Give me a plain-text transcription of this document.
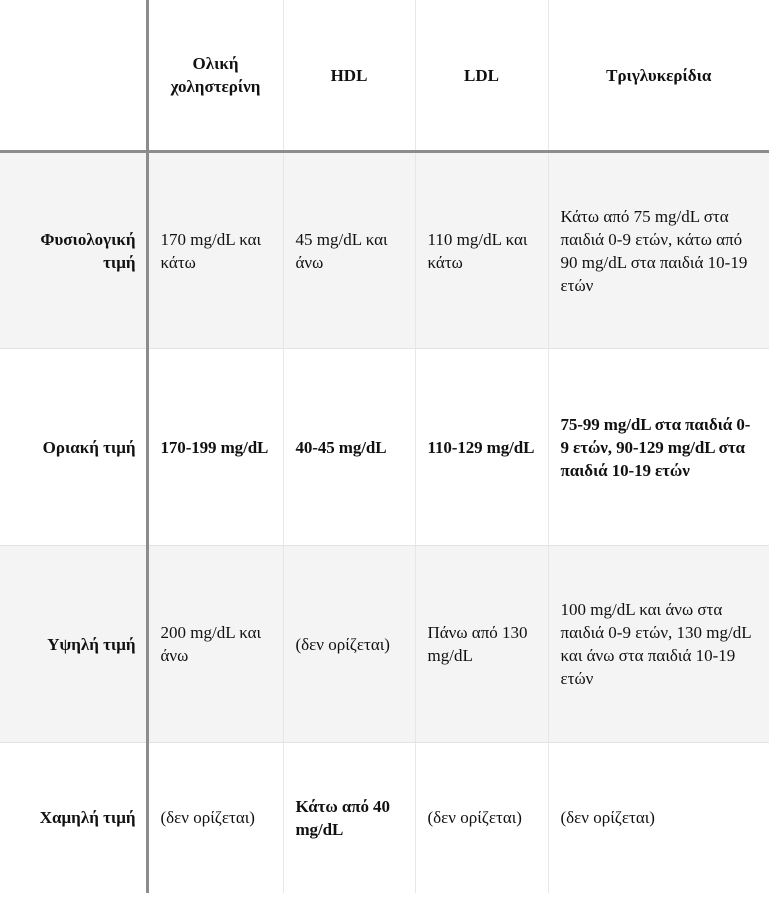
	Ολική χοληστερίνη	HDL	LDL	Τριγλυκερίδια
Φυσιολογική τιμή	170 mg/dL και κάτω	45 mg/dL και άνω	110 mg/dL και κάτω	Κάτω από 75 mg/dL στα παιδιά 0-9 ετών, κάτω από 90 mg/dL στα παιδιά 10-19 ετών
Οριακή τιμή	170-199 mg/dL	40-45 mg/dL	110-129 mg/dL	75-99 mg/dL στα παιδιά 0-9 ετών, 90-129 mg/dL στα παιδιά 10-19 ετών
Υψηλή τιμή	200 mg/dL και άνω	(δεν ορίζεται)	Πάνω από 130 mg/dL	100 mg/dL και άνω στα παιδιά 0-9 ετών, 130 mg/dL και άνω στα παιδιά 10-19 ετών
Χαμηλή τιμή	(δεν ορίζεται)	Κάτω από 40 mg/dL	(δεν ορίζεται)	(δεν ορίζεται)
